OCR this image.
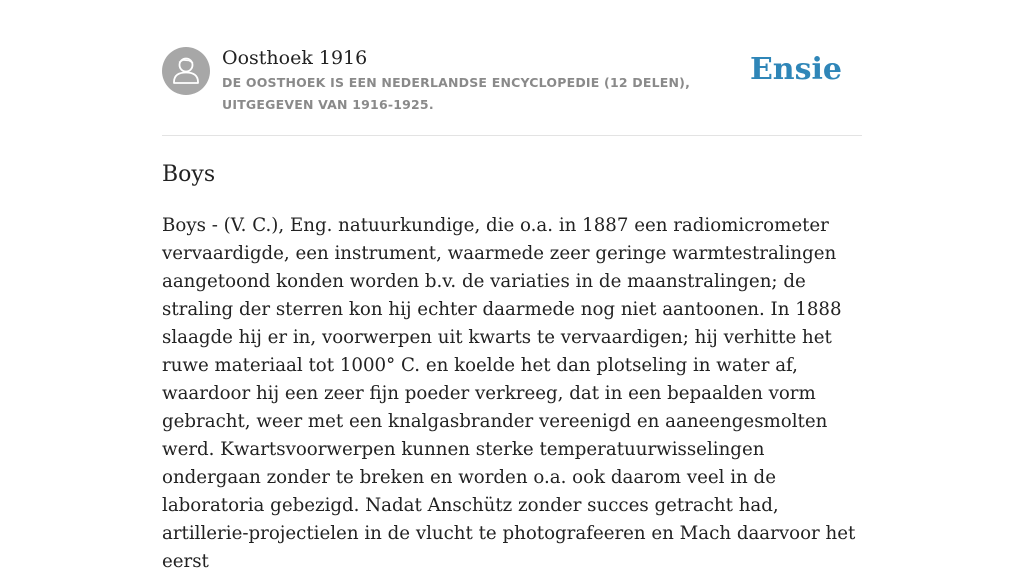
Oosthoek 1916
DE OOSTHOEK IS EEN NEDERLANDSE ENCYCLOPEDIE (12 DELEN), UITGEGEVEN VAN 1916-1925.
Ensie
Boys

Boys - (V. C.), Eng. natuurkundige, die o.a. in 1887 een radiomicrometer vervaardigde, een instrument, waarmede zeer geringe warmtestralingen aangetoond konden worden b.v. de variaties in de maanstralingen; de straling der sterren kon hij echter daarmede nog niet aantoonen. In 1888 slaagde hij er in, voorwerpen uit kwarts te vervaardigen; hij verhitte het ruwe materiaal tot 1000° C. en koelde het dan plotseling in water af, waardoor hij een zeer fijn poeder verkreeg, dat in een bepaalden vorm gebracht, weer met een knalgasbrander vereenigd en aaneengesmolten werd. Kwartsvoorwerpen kunnen sterke temperatuurwisselingen ondergaan zonder te breken en worden o.a. ook daarom veel in de laboratoria gebezigd. Nadat Anschütz zonder succes getracht had, artillerie-projectielen in de vlucht te photografeeren en Mach daarvoor het eerst
